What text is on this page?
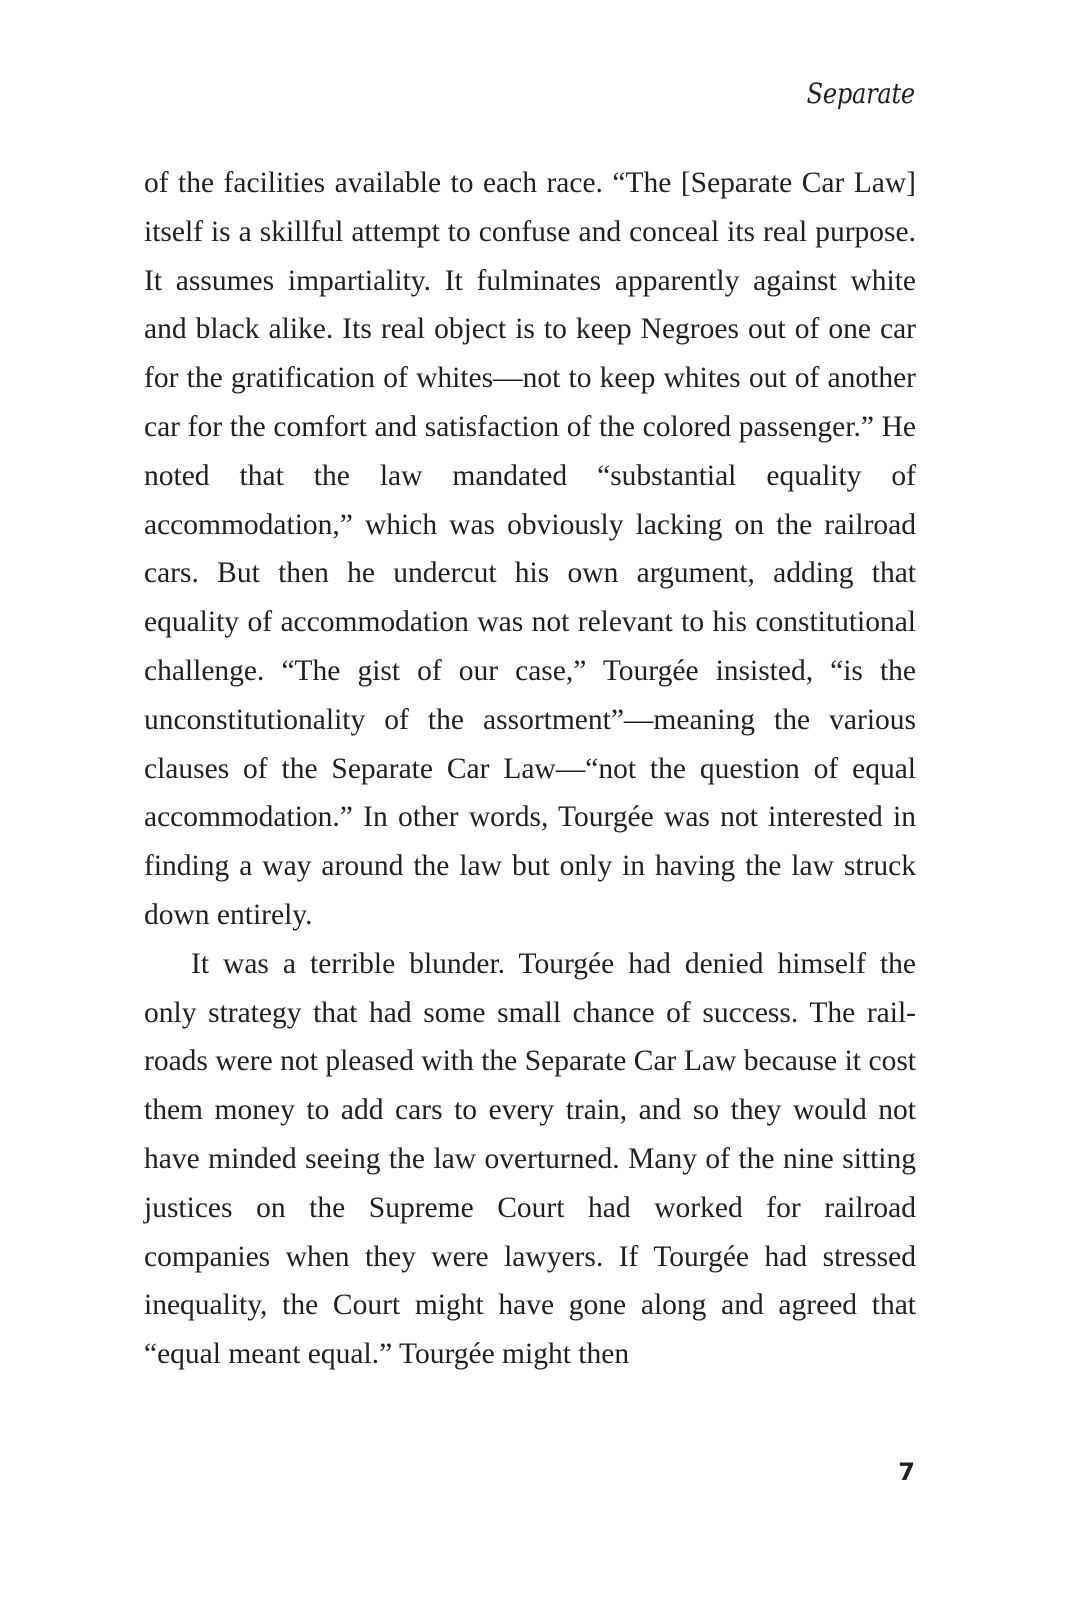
Separate

of the facilities available to each race. “The [Separate Car Law] itself is a skillful attempt to confuse and conceal its real purpose. It assumes impartiality. It fulminates apparently against white and black alike. Its real object is to keep Negroes out of one car for the gratification of whites—not to keep whites out of another car for the comfort and satisfaction of the colored passenger.” He noted that the law mandated “substantial equality of accommodation,” which was obviously lacking on the railroad cars. But then he undercut his own argument, adding that equality of accommodation was not relevant to his constitutional challenge. “The gist of our case,” Tourgée insisted, “is the unconstitutionality of the assortment”—meaning the various clauses of the Separate Car Law—“not the question of equal accommodation.” In other words, Tourgée was not interested in finding a way around the law but only in having the law struck down entirely.

It was a terrible blunder. Tourgée had denied himself the only strategy that had some small chance of success. The railroads were not pleased with the Separate Car Law because it cost them money to add cars to every train, and so they would not have minded seeing the law overturned. Many of the nine sitting justices on the Supreme Court had worked for railroad companies when they were lawyers. If Tourgée had stressed inequality, the Court might have gone along and agreed that “equal meant equal.” Tourgée might then

7
